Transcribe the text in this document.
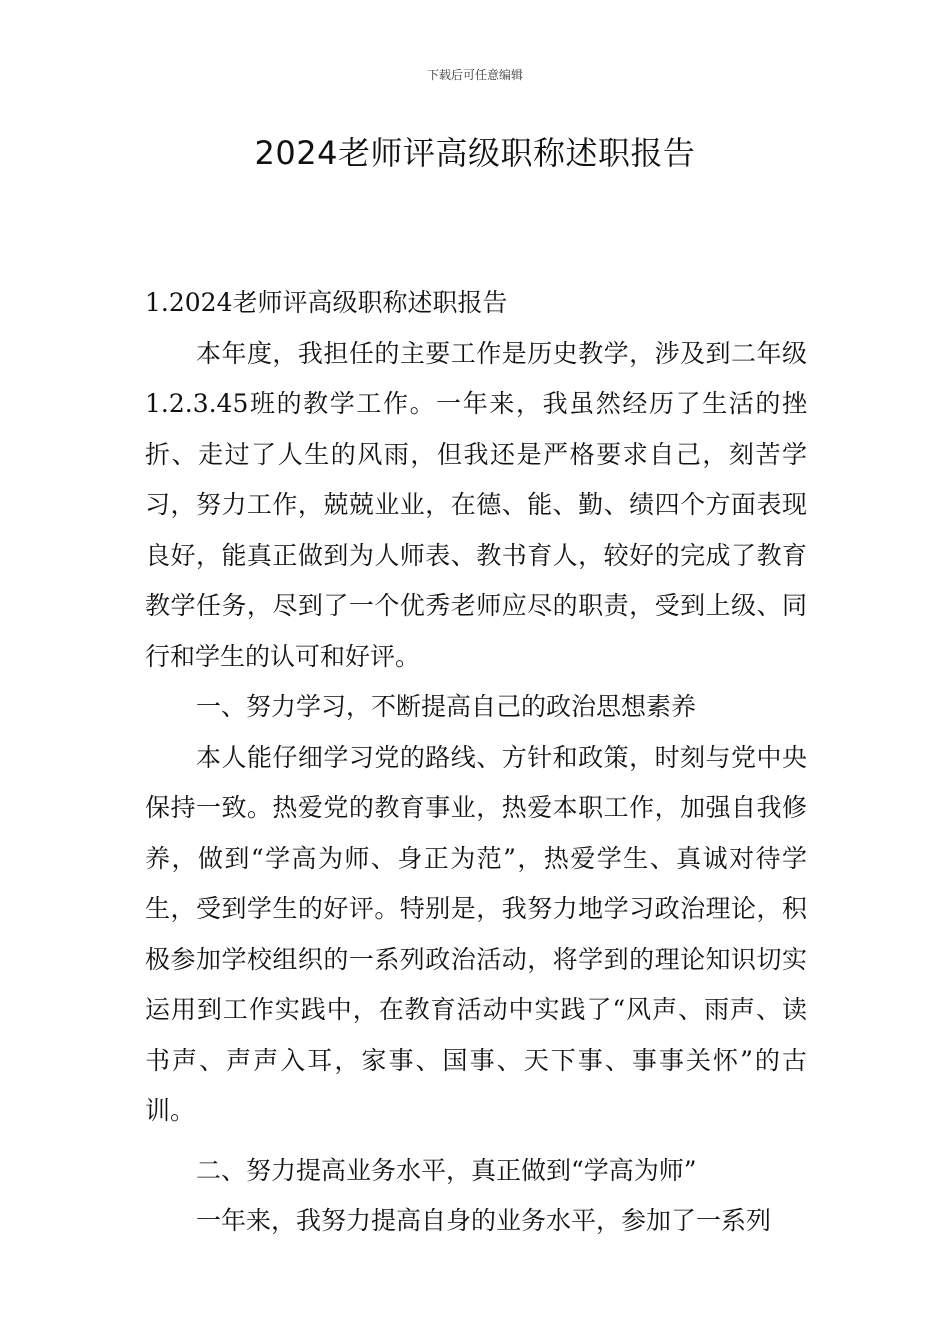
下载后可任意编辑
2024老师评高级职称述职报告

1.2024老师评高级职称述职报告

本年度，我担任的主要工作是历史教学，涉及到二年级1.2.3.45班的教学工作。一年来，我虽然经历了生活的挫折、走过了人生的风雨，但我还是严格要求自己，刻苦学习，努力工作，兢兢业业，在德、能、勤、绩四个方面表现良好，能真正做到为人师表、教书育人，较好的完成了教育教学任务，尽到了一个优秀老师应尽的职责，受到上级、同行和学生的认可和好评。

一、努力学习，不断提高自己的政治思想素养

本人能仔细学习党的路线、方针和政策，时刻与党中央保持一致。热爱党的教育事业，热爱本职工作，加强自我修养，做到“学高为师、身正为范”，热爱学生、真诚对待学生，受到学生的好评。特别是，我努力地学习政治理论，积极参加学校组织的一系列政治活动，将学到的理论知识切实运用到工作实践中，在教育活动中实践了“风声、雨声、读书声、声声入耳，家事、国事、天下事、事事关怀”的古训。

二、努力提高业务水平，真正做到“学高为师”

一年来，我努力提高自身的业务水平，参加了一系列
